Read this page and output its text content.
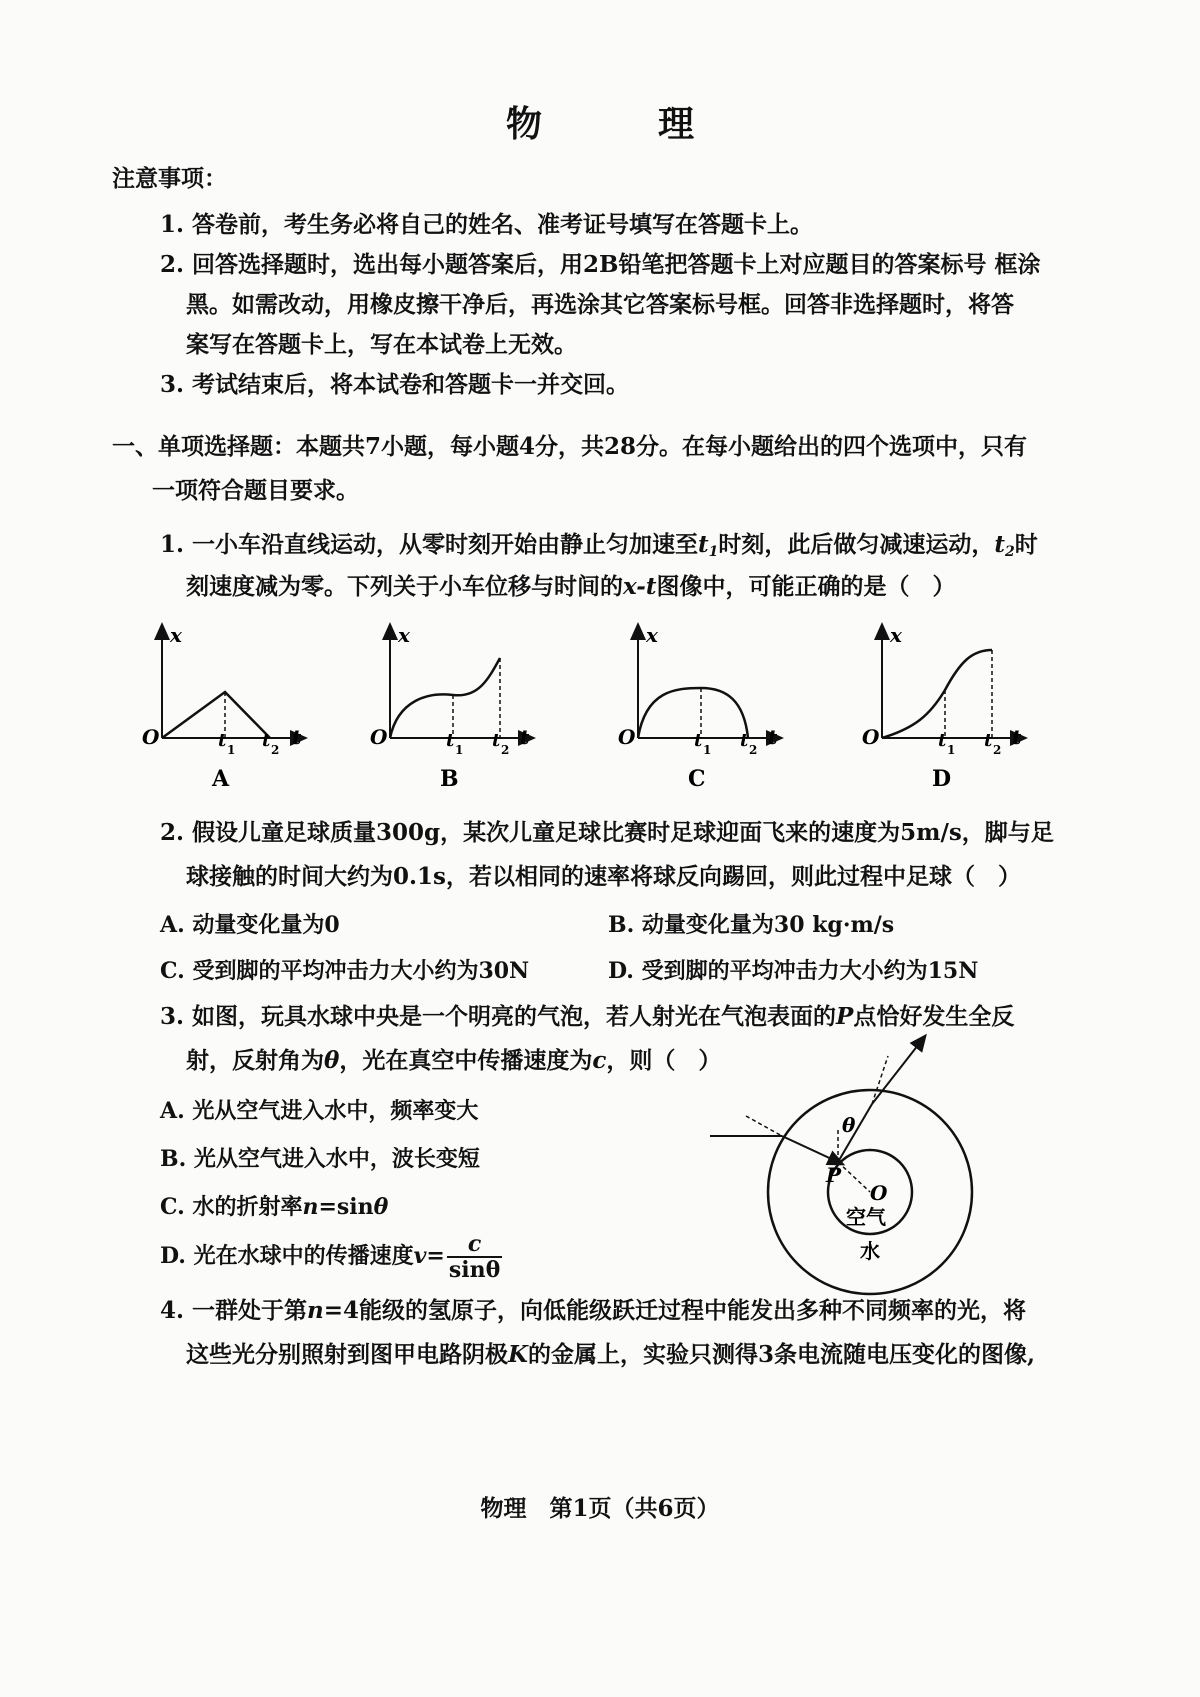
物　理
注意事项：
1. 答卷前，考生务必将自己的姓名、准考证号填写在答题卡上。
2. 回答选择题时，选出每小题答案后，用2B铅笔把答题卡上对应题目的答案标号 框涂
黑。如需改动，用橡皮擦干净后，再选涂其它答案标号框。回答非选择题时，将答
案写在答题卡上，写在本试卷上无效。
3. 考试结束后，将本试卷和答题卡一并交回。
一、单项选择题：本题共7小题，每小题4分，共28分。在每小题给出的四个选项中，只有
一项符合题目要求。
1. 一小车沿直线运动，从零时刻开始由静止匀加速至$t_1$时刻，此后做匀减速运动，$t_2$时
刻速度减为零。下列关于小车位移与时间的x-t图像中，可能正确的是（　）
x
O	t
t 1 t 2
A
x
O	t
t 1 t 2
B
x
O	t
t 1 t 2
C
x
O	t
t 1 t 2
D
2. 假设儿童足球质量300g，某次儿童足球比赛时足球迎面飞来的速度为5m/s，脚与足
球接触的时间大约为0.1s，若以相同的速率将球反向踢回，则此过程中足球（　）
A. 动量变化量为0	B. 动量变化量为30 kg·m/s
C. 受到脚的平均冲击力大小约为30N	D. 受到脚的平均冲击力大小约为15N
3. 如图，玩具水球中央是一个明亮的气泡，若人射光在气泡表面的P点恰好发生全反
射，反射角为θ，光在真空中传播速度为c，则（　）
A. 光从空气进入水中，频率变大
B. 光从空气进入水中，波长变短
C. 水的折射率n=sinθ
D. 光在水球中的传播速度$v= \frac{c}{\sin\theta}$
θ
P
O
空气
水
4. 一群处于第n=4能级的氢原子，向低能级跃迁过程中能发出多种不同频率的光，将
这些光分别照射到图甲电路阴极K的金属上，实验只测得3条电流随电压变化的图像,
物理　第1页（共6页）
